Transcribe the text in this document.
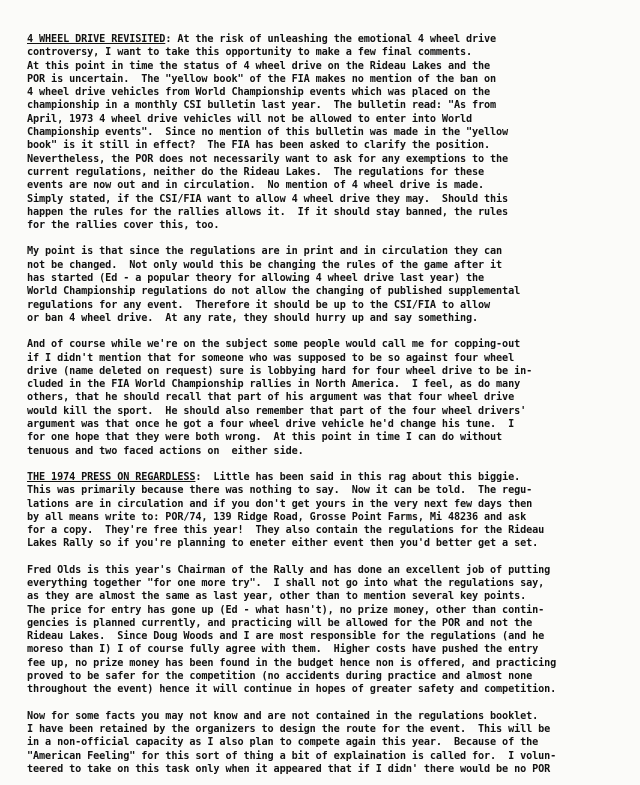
4 WHEEL DRIVE REVISITED: At the risk of unleashing the emotional 4 wheel drive
controversy, I want to take this opportunity to make a few final comments.
At this point in time the status of 4 wheel drive on the Rideau Lakes and the
POR is uncertain.  The "yellow book" of the FIA makes no mention of the ban on
4 wheel drive vehicles from World Championship events which was placed on the
championship in a monthly CSI bulletin last year.  The bulletin read: "As from
April, 1973 4 wheel drive vehicles will not be allowed to enter into World
Championship events".  Since no mention of this bulletin was made in the "yellow
book" is it still in effect?  The FIA has been asked to clarify the position.
Nevertheless, the POR does not necessarily want to ask for any exemptions to the
current regulations, neither do the Rideau Lakes.  The regulations for these
events are now out and in circulation.  No mention of 4 wheel drive is made.
Simply stated, if the CSI/FIA want to allow 4 wheel drive they may.  Should this
happen the rules for the rallies allows it.  If it should stay banned, the rules
for the rallies cover this, too.
My point is that since the regulations are in print and in circulation they can
not be changed.  Not only would this be changing the rules of the game after it
has started (Ed - a popular theory for allowing 4 wheel drive last year) the
World Championship regulations do not allow the changing of published supplemental
regulations for any event.  Therefore it should be up to the CSI/FIA to allow
or ban 4 wheel drive.  At any rate, they should hurry up and say something.
And of course while we're on the subject some people would call me for copping-out
if I didn't mention that for someone who was supposed to be so against four wheel
drive (name deleted on request) sure is lobbying hard for four wheel drive to be in-
cluded in the FIA World Championship rallies in North America.  I feel, as do many
others, that he should recall that part of his argument was that four wheel drive
would kill the sport.  He should also remember that part of the four wheel drivers'
argument was that once he got a four wheel drive vehicle he'd change his tune.  I
for one hope that they were both wrong.  At this point in time I can do without
tenuous and two faced actions on  either side.
THE 1974 PRESS ON REGARDLESS:  Little has been said in this rag about this biggie.
This was primarily because there was nothing to say.  Now it can be told.  The regu-
lations are in circulation and if you don't get yours in the very next few days then
by all means write to: POR/74, 139 Ridge Road, Grosse Point Farms, Mi 48236 and ask
for a copy.  They're free this year!  They also contain the regulations for the Rideau
Lakes Rally so if you're planning to eneter either event then you'd better get a set.
Fred Olds is this year's Chairman of the Rally and has done an excellent job of putting
everything together "for one more try".  I shall not go into what the regulations say,
as they are almost the same as last year, other than to mention several key points.
The price for entry has gone up (Ed - what hasn't), no prize money, other than contin-
gencies is planned currently, and practicing will be allowed for the POR and not the
Rideau Lakes.  Since Doug Woods and I are most responsible for the regulations (and he
moreso than I) I of course fully agree with them.  Higher costs have pushed the entry
fee up, no prize money has been found in the budget hence non is offered, and practicing
proved to be safer for the competition (no accidents during practice and almost none
throughout the event) hence it will continue in hopes of greater safety and competition.
Now for some facts you may not know and are not contained in the regulations booklet.
I have been retained by the organizers to design the route for the event.  This will be
in a non-official capacity as I also plan to compete again this year.  Because of the
"American Feeling" for this sort of thing a bit of explaination is called for.  I volun-
teered to take on this task only when it appeared that if I didn' there would be no POR
